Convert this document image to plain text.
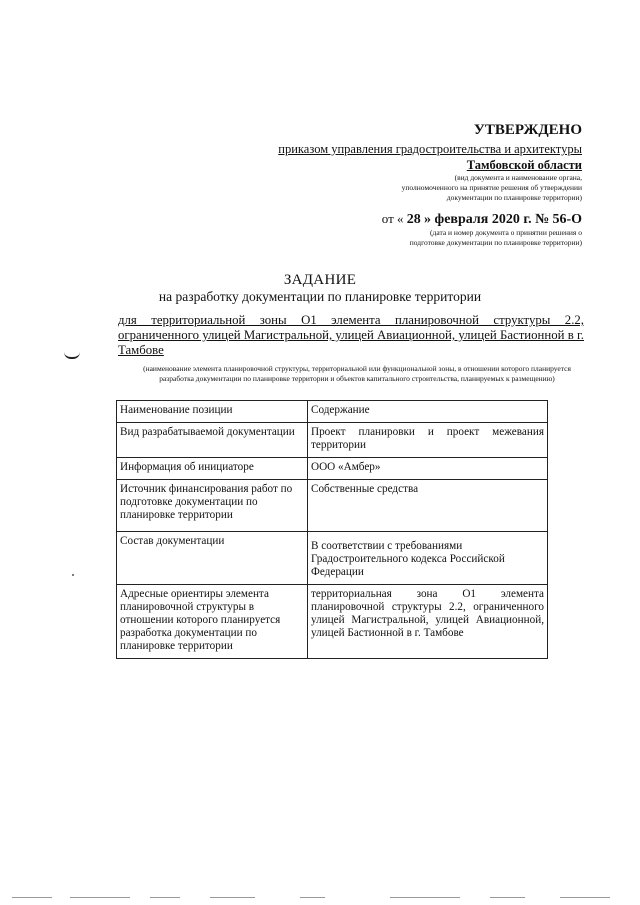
УТВЕРЖДЕНО
приказом управления градостроительства и архитектуры
Тамбовской области
(вид документа и наименование органа,
уполномоченного на принятие решения об утверждении
документации по планировке территории)
от « 28 » февраля 2020 г. № 56-О
(дата и номер документа о принятии решения о
подготовке документации по планировке территории)
ЗАДАНИЕ
на разработку документации по планировке территории
для территориальной зоны О1 элемента планировочной структуры 2.2, ограниченного улицей Магистральной, улицей Авиационной, улицей Бастионной в г. Тамбове
(наименование элемента планировочной структуры, территориальной или функциональной зоны, в отношении которого планируется разработка документации по планировке территории и объектов капитального строительства, планируемых к размещению)
Наименование позиции	Содержание
Вид разрабатываемой документации	Проект планировки и проект межевания территории
Информация об инициаторе	ООО «Амбер»
Источник финансирования работ по подготовке документации по планировке территории	Собственные средства
Состав документации	В соответствии с требованиями Градостроительного кодекса Российской Федерации
Адресные ориентиры элемента планировочной структуры в отношении которого планируется разработка документации по планировке территории	территориальная зона О1 элемента планировочной структуры 2.2, ограниченного улицей Магистральной, улицей Авиационной, улицей Бастионной в г. Тамбове
